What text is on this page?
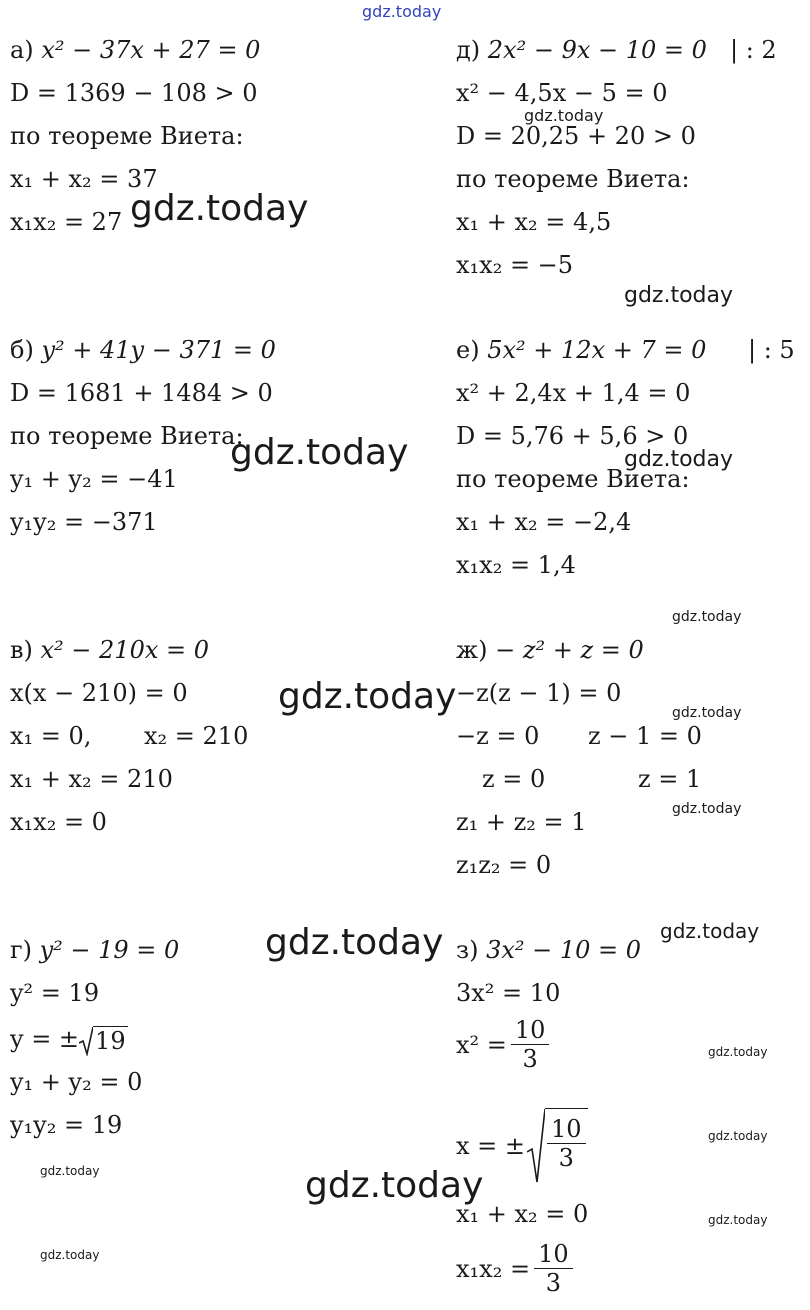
gdz.today
gdz.today
gdz.today
gdz.today
gdz.today	gdz.today
gdz.today
gdz.today	gdz.today
gdz.today
gdz.today	gdz.today
gdz.today
gdz.today
gdz.today	gdz.today
gdz.today
gdz.today
а) x² − 37x + 27 = 0
D = 1369 − 108 > 0
по теореме Виета:
x₁ + x₂ = 37
x₁x₂ = 27
д) 2x² − 9x − 10 = 0 | : 2
x² − 4,5x − 5 = 0
D = 20,25 + 20 > 0
по теореме Виета:
x₁ + x₂ = 4,5
x₁x₂ = −5
б) y² + 41y − 371 = 0
D = 1681 + 1484 > 0
по теореме Виета:
y₁ + y₂ = −41
y₁y₂ = −371
е) 5x² + 12x + 7 = 0 | : 5
x² + 2,4x + 1,4 = 0
D = 5,76 + 5,6 > 0
по теореме Виета:
x₁ + x₂ = −2,4
x₁x₂ = 1,4
в) x² − 210x = 0
x(x − 210) = 0
x₁ = 0, x₂ = 210
x₁ + x₂ = 210
x₁x₂ = 0
ж) − z² + z = 0
−z(z − 1) = 0
−z = 0 z − 1 = 0
z = 0	z = 1
z₁ + z₂ = 1
z₁z₂ = 0
г) y² − 19 = 0
y² = 19
y = ± 19
y₁ + y₂ = 0
y₁y₂ = 19
з) 3x² − 10 = 0
3x² = 10
$x^2 = \frac{10}{3}$
x = ± $\frac{10}{3}$
x₁ + x₂ = 0
$x_1x_2 = \frac{10}{3}$
